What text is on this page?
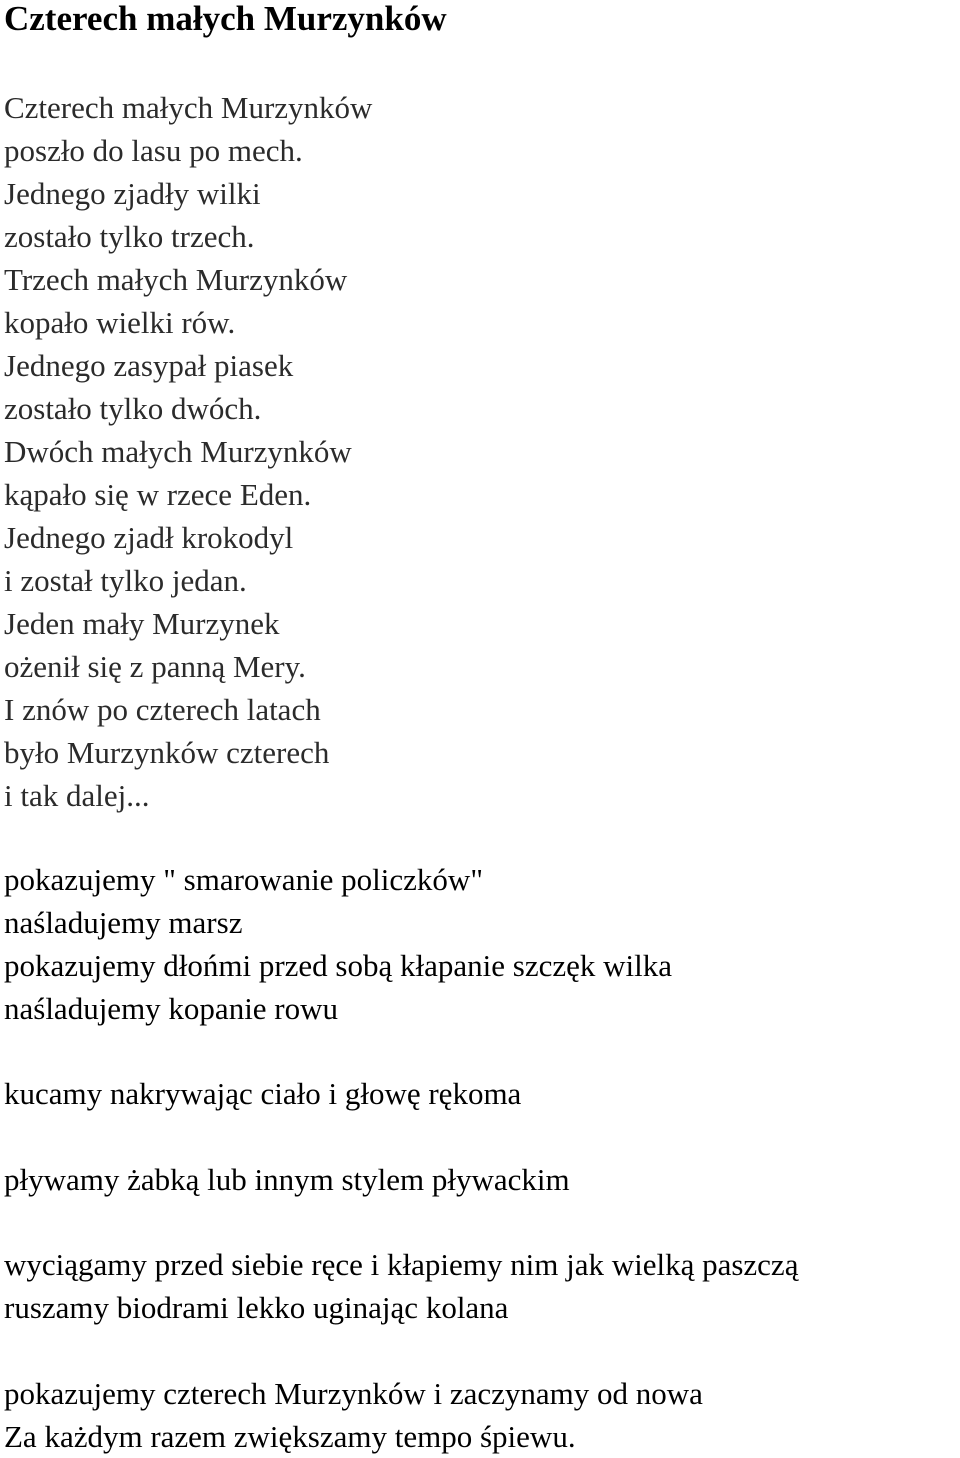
Czterech małych Murzynków
Czterech małych Murzynków
poszło do lasu po mech.
Jednego zjadły wilki
zostało tylko trzech.
Trzech małych Murzynków
kopało wielki rów.
Jednego zasypał piasek
zostało tylko dwóch.
Dwóch małych Murzynków
kąpało się w rzece Eden.
Jednego zjadł krokodyl
i został tylko jedan.
Jeden mały Murzynek
ożenił się z panną Mery.
I znów po czterech latach
było Murzynków czterech
i tak dalej...
pokazujemy " smarowanie policzków"
naśladujemy marsz
pokazujemy dłońmi przed sobą kłapanie szczęk wilka
naśladujemy kopanie rowu
kucamy nakrywając ciało i głowę rękoma
pływamy żabką lub innym stylem pływackim
wyciągamy przed siebie ręce i kłapiemy nim jak wielką paszczą
ruszamy biodrami lekko uginając kolana
pokazujemy czterech Murzynków i zaczynamy od nowa
Za każdym razem zwiększamy tempo śpiewu.
